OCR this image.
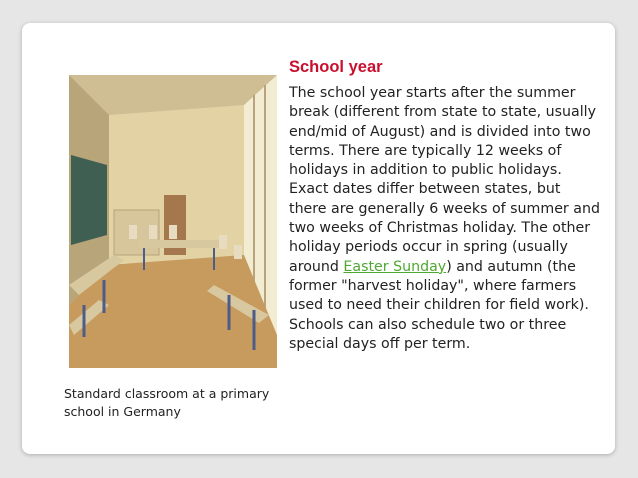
Standard classroom at a primary school in Germany
School year
The school year starts after the summer break (different from state to state, usually end/mid of August) and is divided into two terms. There are typically 12 weeks of holidays in addition to public holidays. Exact dates differ between states, but there are generally 6 weeks of summer and two weeks of Christmas holiday. The other holiday periods occur in spring (usually around Easter Sunday) and autumn (the former "harvest holiday", where farmers used to need their children for field work). Schools can also schedule two or three special days off per term.
